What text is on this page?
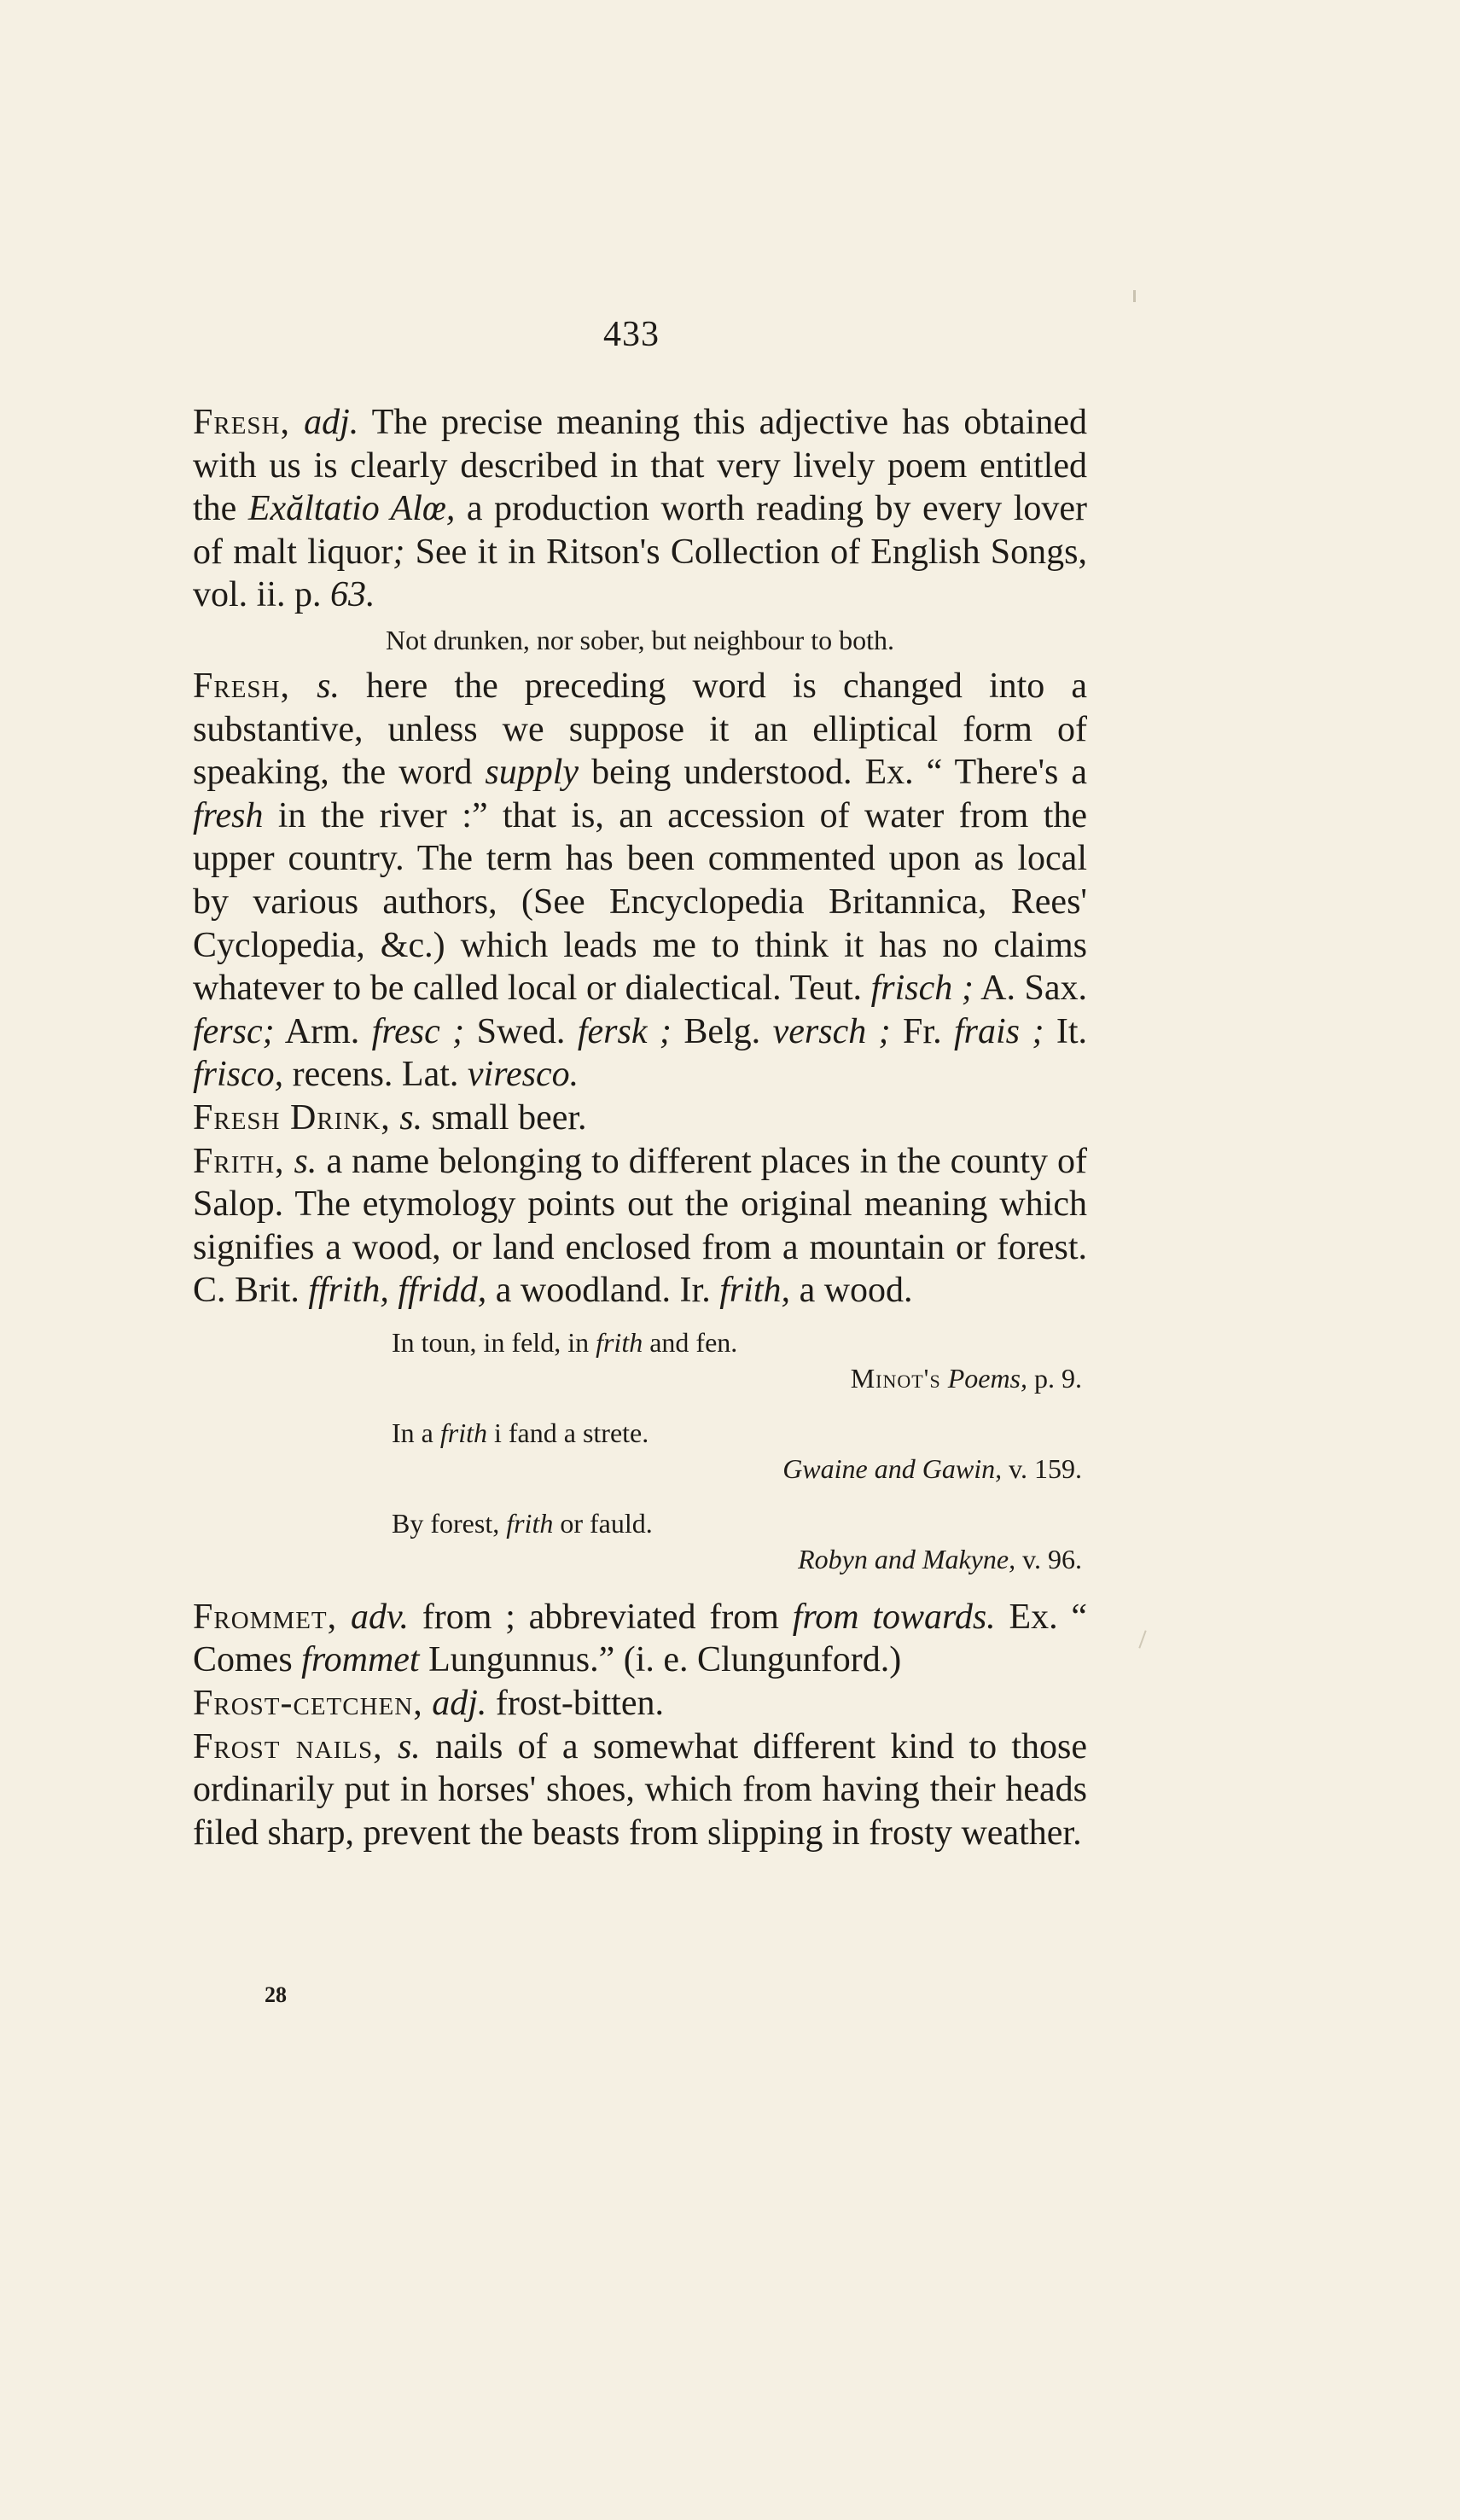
433

Fresh, adj. The precise meaning this adjective has obtained with us is clearly described in that very lively poem entitled the Exăltatio Alœ, a production worth reading by every lover of malt liquor; See it in Ritson's Collection of English Songs, vol. ii. p. 63.

Not drunken, nor sober, but neighbour to both.

Fresh, s. here the preceding word is changed into a substantive, unless we suppose it an elliptical form of speaking, the word supply being understood. Ex. “ There's a fresh in the river :” that is, an accession of water from the upper country. The term has been commented upon as local by various authors, (See Encyclopedia Britannica, Rees' Cyclopedia, &c.) which leads me to think it has no claims whatever to be called local or dialectical. Teut. frisch ; A. Sax. fersc; Arm. fresc ; Swed. fersk ; Belg. versch ; Fr. frais ; It. frisco, recens. Lat. viresco.

Fresh Drink, s. small beer.

Frith, s. a name belonging to different places in the county of Salop. The etymology points out the original meaning which signifies a wood, or land enclosed from a mountain or forest. C. Brit. ffrith, ffridd, a woodland. Ir. frith, a wood.

In toun, in feld, in frith and fen.
Minot's Poems, p. 9.
In a frith i fand a strete.
Gwaine and Gawin, v. 159.
By forest, frith or fauld.
Robyn and Makyne, v. 96.

Frommet, adv. from ; abbreviated from from towards. Ex. “ Comes frommet Lungunnus.” (i. e. Clungunford.)

Frost-cetchen, adj. frost-bitten.

Frost nails, s. nails of a somewhat different kind to those ordinarily put in horses' shoes, which from having their heads filed sharp, prevent the beasts from slipping in frosty weather.

28
